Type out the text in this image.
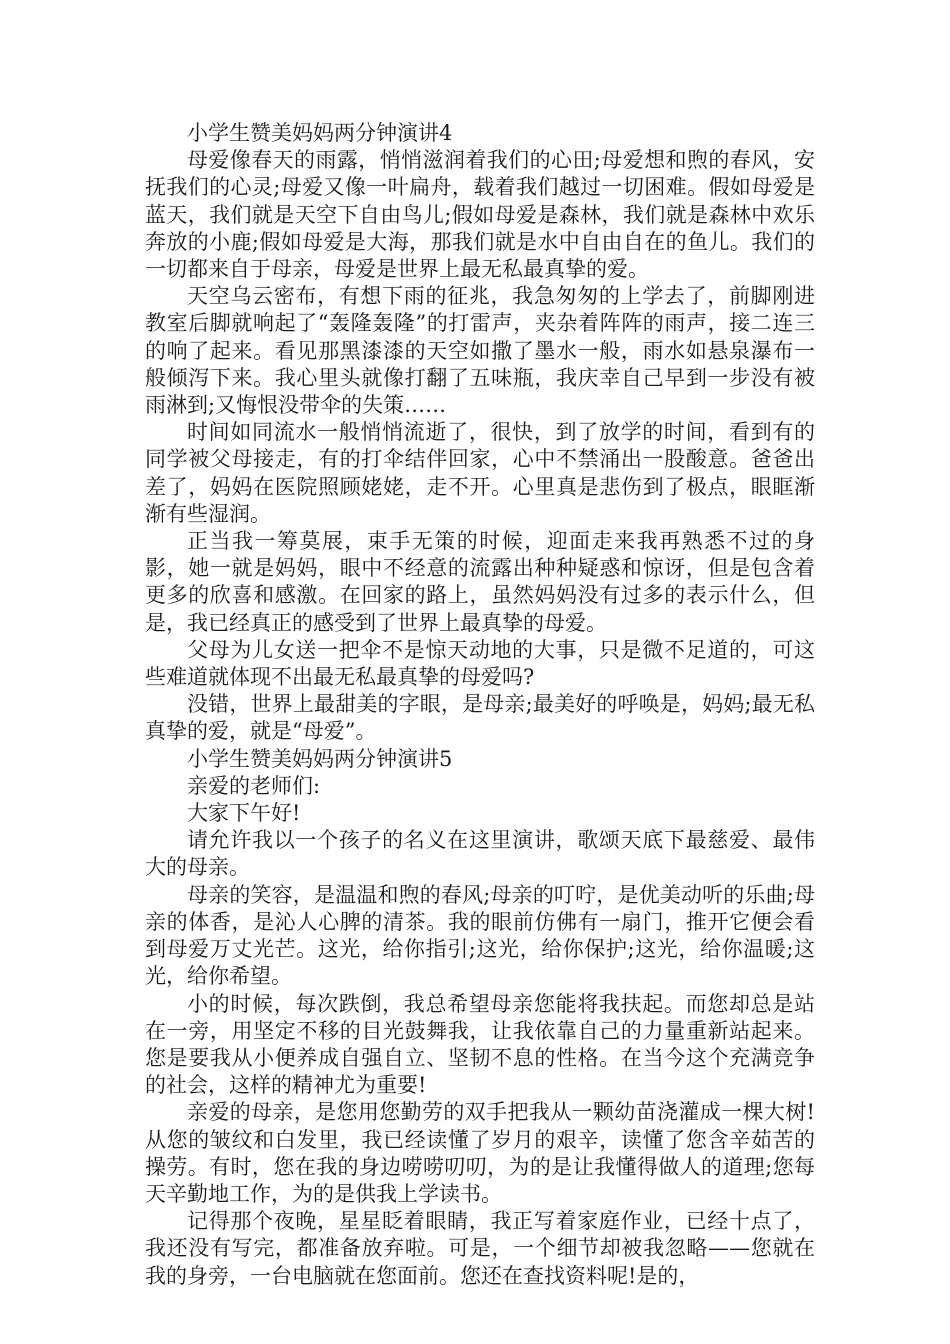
小学生赞美妈妈两分钟演讲4

母爱像春天的雨露，悄悄滋润着我们的心田;母爱想和煦的春风，安抚我们的心灵;母爱又像一叶扁舟，载着我们越过一切困难。假如母爱是蓝天，我们就是天空下自由鸟儿;假如母爱是森林，我们就是森林中欢乐奔放的小鹿;假如母爱是大海，那我们就是水中自由自在的鱼儿。我们的一切都来自于母亲，母爱是世界上最无私最真挚的爱。

天空乌云密布，有想下雨的征兆，我急匆匆的上学去了，前脚刚进教室后脚就响起了“轰隆轰隆”的打雷声，夹杂着阵阵的雨声，接二连三的响了起来。看见那黑漆漆的天空如撒了墨水一般，雨水如悬泉瀑布一般倾泻下来。我心里头就像打翻了五味瓶，我庆幸自己早到一步没有被雨淋到;又悔恨没带伞的失策……

时间如同流水一般悄悄流逝了，很快，到了放学的时间，看到有的同学被父母接走，有的打伞结伴回家，心中不禁涌出一股酸意。爸爸出差了，妈妈在医院照顾姥姥，走不开。心里真是悲伤到了极点，眼眶渐渐有些湿润。

正当我一筹莫展，束手无策的时候，迎面走来我再熟悉不过的身影，她一就是妈妈，眼中不经意的流露出种种疑惑和惊讶，但是包含着更多的欣喜和感激。在回家的路上，虽然妈妈没有过多的表示什么，但是，我已经真正的感受到了世界上最真挚的母爱。

父母为儿女送一把伞不是惊天动地的大事，只是微不足道的，可这些难道就体现不出最无私最真挚的母爱吗?

没错，世界上最甜美的字眼，是母亲;最美好的呼唤是，妈妈;最无私真挚的爱，就是“母爱”。

小学生赞美妈妈两分钟演讲5

亲爱的老师们:

大家下午好!

请允许我以一个孩子的名义在这里演讲，歌颂天底下最慈爱、最伟大的母亲。

母亲的笑容，是温温和煦的春风;母亲的叮咛，是优美动听的乐曲;母亲的体香，是沁人心脾的清茶。我的眼前仿佛有一扇门，推开它便会看到母爱万丈光芒。这光，给你指引;这光，给你保护;这光，给你温暖;这光，给你希望。

小的时候，每次跌倒，我总希望母亲您能将我扶起。而您却总是站在一旁，用坚定不移的目光鼓舞我，让我依靠自己的力量重新站起来。您是要我从小便养成自强自立、坚韧不息的性格。在当今这个充满竞争的社会，这样的精神尤为重要!

亲爱的母亲，是您用您勤劳的双手把我从一颗幼苗浇灌成一棵大树!从您的皱纹和白发里，我已经读懂了岁月的艰辛，读懂了您含辛茹苦的操劳。有时，您在我的身边唠唠叨叨，为的是让我懂得做人的道理;您每天辛勤地工作，为的是供我上学读书。

记得那个夜晚，星星眨着眼睛，我正写着家庭作业，已经十点了，我还没有写完，都准备放弃啦。可是，一个细节却被我忽略——您就在我的身旁，一台电脑就在您面前。您还在查找资料呢!是的，
